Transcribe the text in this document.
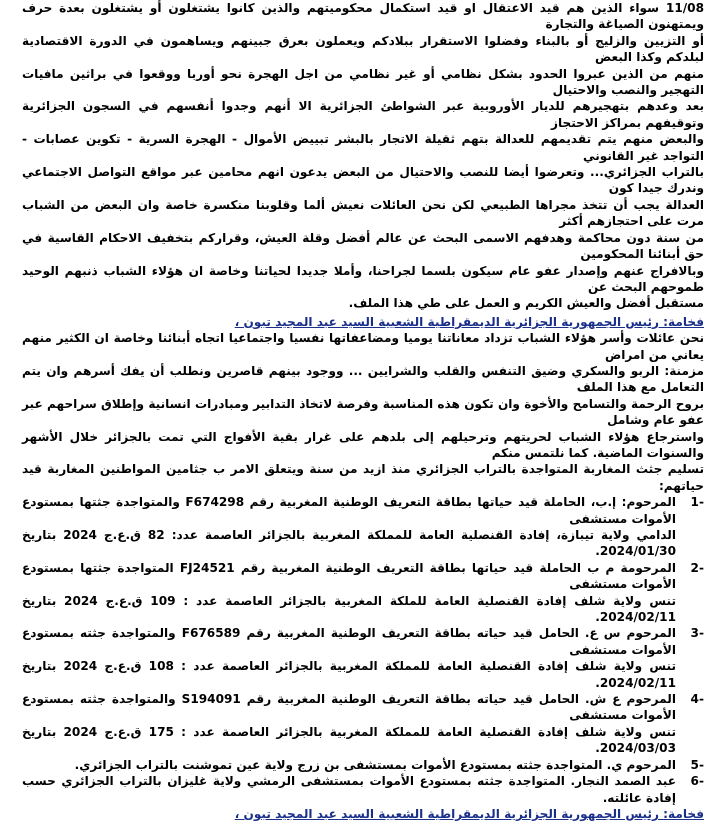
11/08 سواء الذين هم قيد الاعتقال او قيد استكمال محكوميتهم والذين كانوا يشتغلون أو يشتغلون بعدة حرف ويمتهنون الصياغة والتجارة

أو التزيين والزليج أو بالبناء وفضلوا الاستقرار ببلادكم ويعملون بعرق جبينهم ويساهمون في الدورة الاقتصادية لبلدكم وكذا البعض

منهم من الذين عبروا الحدود بشكل نظامي أو غير نظامي من اجل الهجرة نحو أوربا ووقعوا في براثين مافيات التهجير والنصب والاحتيال

بعد وعدهم بتهجيرهم للديار الأوروبية عبر الشواطئ الجزائرية الا أنهم وجدوا أنفسهم في السجون الجزائرية وتوقيفهم بمراكز الاحتجاز

والبعض منهم يتم تقديمهم للعدالة بتهم ثقيلة الاتجار بالبشر تبييض الأموال - الهجرة السرية - تكوين عصابات - التواجد غير القانوني

بالتراب الجزائري... وتعرضوا أيضا للنصب والاحتيال من البعض يدعون انهم محامين عبر مواقع التواصل الاجتماعي وندرك جيدا كون

العدالة يجب أن تتخذ مجراها الطبيعي لكن نحن العائلات نعيش ألما وقلوبنا منكسرة خاصة وان البعض من الشباب مرت على احتجازهم أكثر

من سنة دون محاكمة وهدفهم الاسمى البحث عن عالم أفضل وقلة العيش، وقرارکم بتخفيف الاحكام القاسية في حق أبنائنا المحكومين

وبالافراج عنهم وإصدار عفو عام سيكون بلسما لجراحنا، وأملا جديدا لحياتنا وخاصة ان هؤلاء الشباب ذنبهم الوحيد طموحهم البحث عن

مستقبل أفضل والعيش الكريم و العمل على طي هذا الملف.

فخامة: رئيس الجمهورية الجزائرية الديمقراطية الشعبية السيد عبد المجيد تبون ،

نحن عائلات وأسر هؤلاء الشباب تزداد معاناتنا يوميا ومضاعفاتها نفسيا واجتماعيا اتجاه أبنائنا وخاصة ان الكثير منهم يعاني من امراض

مزمنة: الربو والسكري وضيق التنفس والقلب والشرايين ... ووجود بينهم قاصرين ونطلب أن يفك أسرهم وان يتم التعامل مع هذا الملف

بروح الرحمة والتسامح والأخوة وان تكون هذه المناسبة وفرصة لاتخاذ التدابير ومبادرات انسانية وإطلاق سراحهم عبر عفو عام وشامل

واسترجاع هؤلاء الشباب لحريتهم وترحيلهم إلى بلدهم على غرار بقية الأفواج التي تمت بالجزائر خلال الأشهر والسنوات الماضية. كما نلتمس منكم

تسليم جثث المغاربة المتواجدة بالتراب الجزائري منذ ازيد من سنة ويتعلق الامر ب جثامين المواطنين المغاربة قيد حياتهم:

-1

المرحوم: إ.ب، الحاملة قيد حياتها بطاقة التعريف الوطنية المغربية رقم F674298 والمتواجدة جثتها بمستودع الأموات مستشفى

الدامي ولاية تيبازة، إفادة القنصلية العامة للمملكة المغربية بالجزائر العاصمة عدد: 82 ق.ع.ج 2024 بتاريخ 2024/01/30.

-2

المرحومة م ب الحاملة قيد حياتها بطاقة التعريف الوطنية المغربية رقم FJ24521 المتواجدة جثتها بمستودع الأموات مستشفى

تنس ولاية شلف إفادة القنصلية العامة للملكة المغربية بالجزائر العاصمة عدد : 109 ق.ع.ج 2024 بتاريخ 2024/02/11.

-3

المرحوم س ع. الحامل قيد حياته بطاقة التعريف الوطنية المغربية رقم F676589 والمتواجدة جثته بمستودع الأموات مستشفى

تنس ولاية شلف إفادة القنصلية العامة للمملكة المغربية بالجزائر العاصمة عدد : 108 ق.ع.ج 2024 بتاريخ 2024/02/11.

-4

المرحوم ع ش. الحامل قيد حياته بطاقة التعريف الوطنية المغربية رقم S194091 والمتواجدة جثته بمستودع الأموات مستشفى

تنس ولاية شلف إفادة القنصلية العامة للمملكة المغربية بالجزائر العاصمة عدد : 175 ق.ع.ج 2024 بتاريخ 2024/03/03.

-5

المرحوم ي. المتواجدة جثته بمستودع الأموات بمستشفى بن زرج ولاية عين تموشنت بالتراب الجزائري.

-6

عبد الصمد النجار. المتواجدة جثته بمستودع الأموات بمستشفى الرمشي ولاية غليزان بالتراب الجزائري حسب إفادة عائلته.

فخامة: رئيس الجمهورية الجزائرية الديمقراطية الشعبية السيد عبد المجيد تبون ،
